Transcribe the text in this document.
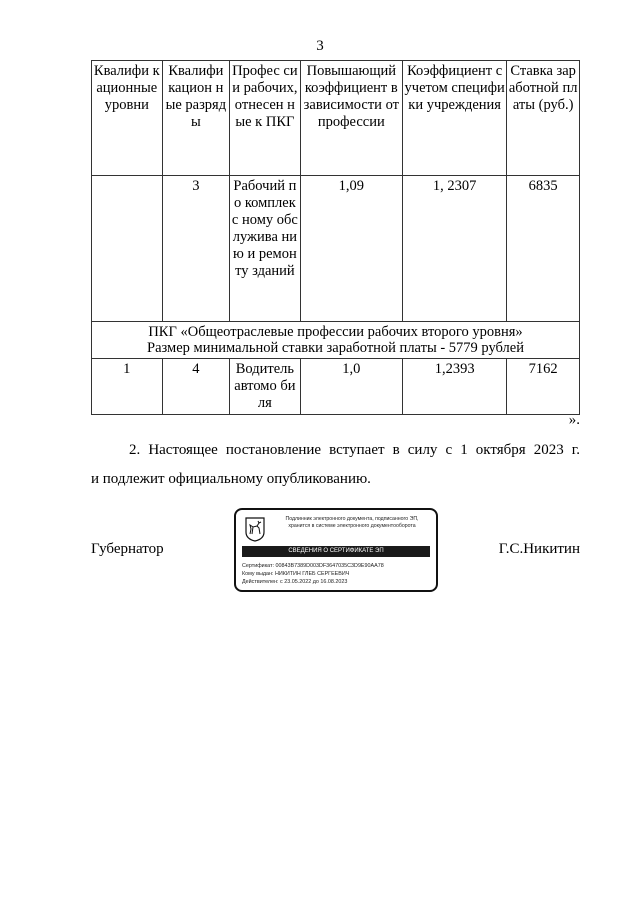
3
Квалифи кационные уровни	Квалифи кацион ные разряды	Профес сии рабочих, отнесен ные к ПКГ	Повышающий коэффициент в зависимости от профессии	Коэффициент с учетом специфики учреждения	Ставка заработной платы (руб.)
	3	Рабочий по комплекс ному обслужива нию и ремонту зданий	1,09	1, 2307	6835

ПКГ «Общеотраслевые профессии рабочих второго уровня»
Размер минимальной ставки заработной платы - 5779 рублей					

1	4	Водитель автомо биля	1,0	1,2393	7162
».
2. Настоящее постановление вступает в силу с 1 октября 2023 г.
и подлежит официальному опубликованию.
Губернатор
Подлинник электронного документа, подписанного ЭП,
хранится в системе электронного документооборота
СВЕДЕНИЯ О СЕРТИФИКАТЕ ЭП
Сертификат: 00843B7389D003DF3647035C3D9E90AA78
Кому выдан: НИКИТИН ГЛЕБ СЕРГЕЕВИЧ
Действителен: с 23.05.2022 до 16.08.2023
Г.С.Никитин
